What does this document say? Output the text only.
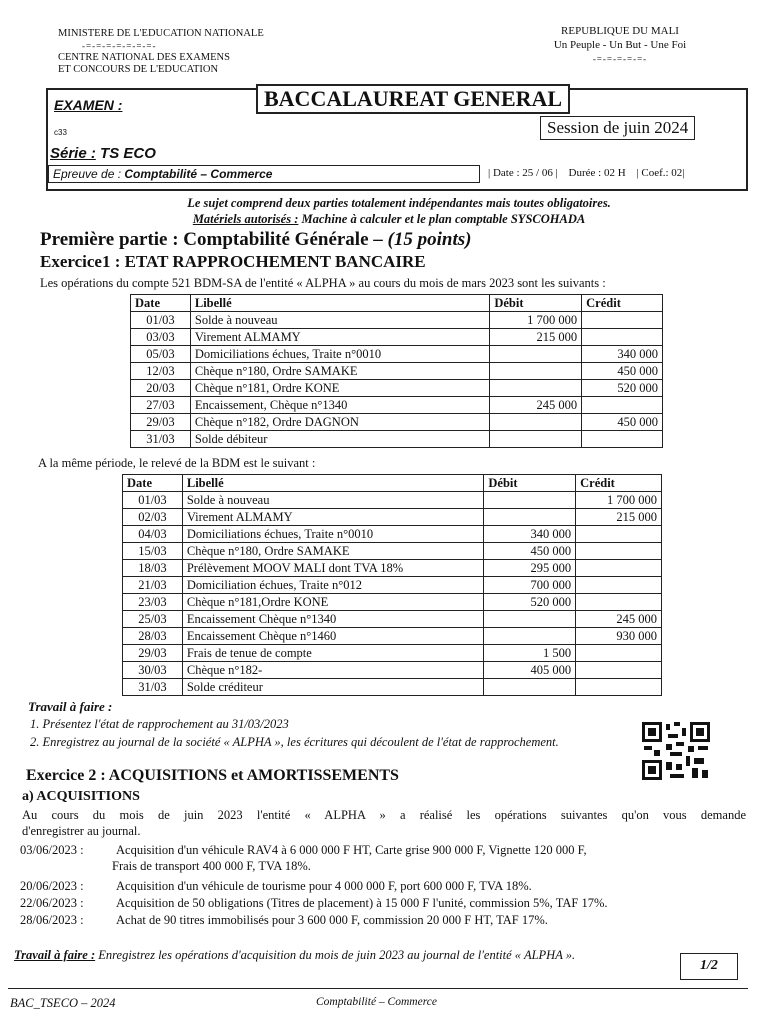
MINISTERE DE L'EDUCATION NATIONALE
-=-=-=-=-=-=-=-
CENTRE NATIONAL DES EXAMENS
ET CONCOURS DE L'EDUCATION
REPUBLIQUE DU MALI
Un Peuple - Un But - Une Foi
-=-=-=-=-=-
EXAMEN :	BACCALAUREAT GENERAL
c33	Session de juin 2024
Série : TS ECO
Epreuve de : Comptabilité – Commerce	| Date : 25 / 06 | Durée : 02 H | Coef.: 02|
Le sujet comprend deux parties totalement indépendantes mais toutes obligatoires.
Matériels autorisés : Machine à calculer et le plan comptable SYSCOHADA
Première partie : Comptabilité Générale – (15 points)
Exercice1 : ETAT RAPPROCHEMENT BANCAIRE
Les opérations du compte 521 BDM-SA de l'entité « ALPHA » au cours du mois de mars 2023 sont les suivants :
Date	Libellé	Débit	Crédit
01/03	Solde à nouveau	1 700 000	
03/03	Virement ALMAMY	215 000	
05/03	Domiciliations échues, Traite n°0010		340 000
12/03	Chèque n°180, Ordre SAMAKE		450 000
20/03	Chèque n°181, Ordre KONE		520 000
27/03	Encaissement, Chèque n°1340	245 000	
29/03	Chèque n°182, Ordre DAGNON		450 000
31/03	Solde débiteur		
A la même période, le relevé de la BDM est le suivant :
Date	Libellé	Débit	Crédit
01/03	Solde à nouveau		1 700 000
02/03	Virement ALMAMY		215 000
04/03	Domiciliations échues, Traite n°0010	340 000	
15/03	Chèque n°180, Ordre SAMAKE	450 000	
18/03	Prélèvement MOOV MALI dont TVA 18%	295 000	
21/03	Domiciliation échues, Traite n°012	700 000	
23/03	Chèque n°181,Ordre KONE	520 000	
25/03	Encaissement Chèque n°1340		245 000
28/03	Encaissement Chèque n°1460		930 000
29/03	Frais de tenue de compte	1 500	
30/03	Chèque n°182-	405 000	
31/03	Solde créditeur		
Travail à faire :
1. Présentez l'état de rapprochement au 31/03/2023
2. Enregistrez au journal de la société « ALPHA », les écritures qui découlent de l'état de rapprochement.
Exercice 2 : ACQUISITIONS et AMORTISSEMENTS
a) ACQUISITIONS
Au cours du mois de juin 2023 l'entité « ALPHA » a réalisé les opérations suivantes qu'on vous demande
d'enregistrer au journal.
03/06/2023 :	Acquisition d'un véhicule RAV4 à 6 000 000 F HT, Carte grise 900 000 F, Vignette 120 000 F,
Frais de transport 400 000 F, TVA 18%.
20/06/2023 :	Acquisition d'un véhicule de tourisme pour 4 000 000 F, port 600 000 F, TVA 18%.
22/06/2023 :	Acquisition de 50 obligations (Titres de placement) à 15 000 F l'unité, commission 5%, TAF 17%.
28/06/2023 :	Achat de 90 titres immobilisés pour 3 600 000 F, commission 20 000 F HT, TAF 17%.
Travail à faire : Enregistrez les opérations d'acquisition du mois de juin 2023 au journal de l'entité « ALPHA ».
1/2
BAC_TSECO – 2024	Comptabilité – Commerce
